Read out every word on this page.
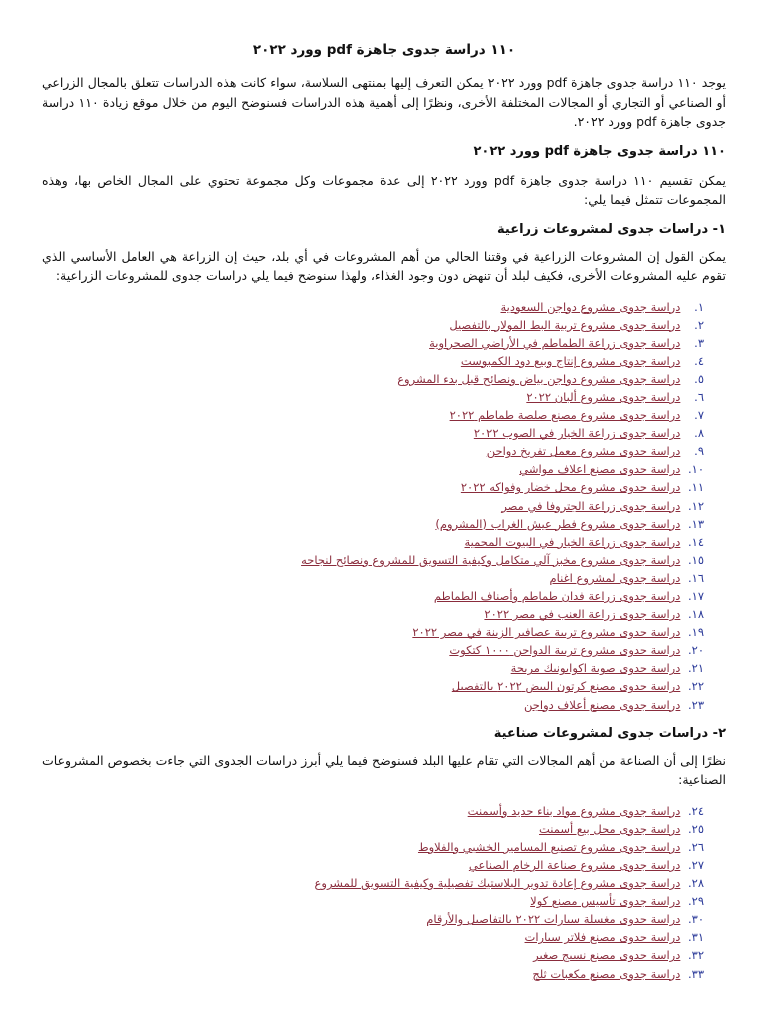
١١٠ دراسة جدوى جاهزة pdf وورد ٢٠٢٢

يوجد ١١٠ دراسة جدوى جاهزة pdf وورد ٢٠٢٢ يمكن التعرف إليها بمنتهى السلاسة، سواء كانت هذه الدراسات تتعلق بالمجال الزراعي أو الصناعي أو التجاري أو المجالات المختلفة الأخرى، ونظرًا إلى أهمية هذه الدراسات فسنوضح اليوم من خلال موقع زيادة ١١٠ دراسة جدوى جاهزة pdf وورد ٢٠٢٢.

١١٠ دراسة جدوى جاهزة pdf وورد ٢٠٢٢

يمكن تقسيم ١١٠ دراسة جدوى جاهزة pdf وورد ٢٠٢٢ إلى عدة مجموعات وكل مجموعة تحتوي على المجال الخاص بها، وهذه المجموعات تتمثل فيما يلي:

١- دراسات جدوى لمشروعات زراعية

يمكن القول إن المشروعات الزراعية في وقتنا الحالي من أهم المشروعات في أي بلد، حيث إن الزراعة هي العامل الأساسي الذي تقوم عليه المشروعات الأخرى، فكيف لبلد أن تنهض دون وجود الغذاء، ولهذا سنوضح فيما يلي دراسات جدوى للمشروعات الزراعية:

١. دراسة جدوى مشروع دواجن السعودية
٢. دراسة جدوى مشروع تربية البط المولار بالتفصيل
٣. دراسة جدوى زراعة الطماطم في الأراضي الصحراوية
٤. دراسة جدوى مشروع إنتاج وبيع دود الكمبوست
٥. دراسة جدوى مشروع دواجن بياض ونصائح قبل بدء المشروع
٦. دراسة جدوى مشروع ألبان ٢٠٢٢
٧. دراسة جدوى مشروع مصنع صلصة طماطم ٢٠٢٢
٨. دراسة جدوى زراعة الخيار في الصوب ٢٠٢٢
٩. دراسة جدوى مشروع معمل تفريخ دواجن
١٠. دراسة جدوى مصنع اعلاف مواشي
١١. دراسة جدوى مشروع محل خضار وفواكه ٢٠٢٢
١٢. دراسة جدوى زراعة الجتروفا في مصر
١٣. دراسة جدوى مشروع فطر عيش الغراب (المشروم)
١٤. دراسة جدوى زراعة الخيار في البيوت المحمية
١٥. دراسة جدوى مشروع مخبز آلي متكامل وكيفية التسويق للمشروع ونصائح لنجاحه
١٦. دراسة جدوى لمشروع اغنام
١٧. دراسة جدوى زراعة فدان طماطم وأصناف الطماطم
١٨. دراسة جدوى زراعة العنب في مصر ٢٠٢٢
١٩. دراسة جدوى مشروع تربية عصافير الزينة في مصر ٢٠٢٢
٢٠. دراسة جدوى مشروع تربية الدواجن ١٠٠٠ كتكوت
٢١. دراسة جدوى صوبة اكوابونيك مربحة
٢٢. دراسة جدوى مصنع كرتون البيض ٢٠٢٢ بالتفصيل
٢٣. دراسة جدوى مصنع أعلاف دواجن
٢- دراسات جدوى لمشروعات صناعية

نظرًا إلى أن الصناعة من أهم المجالات التي تقام عليها البلد فسنوضح فيما يلي أبرز دراسات الجدوى التي جاءت بخصوص المشروعات الصناعية:

٢٤. دراسة جدوى مشروع مواد بناء حديد وأسمنت
٢٥. دراسة جدوى محل بيع أسمنت
٢٦. دراسة جدوى مشروع تصنيع المسامير الخشبي والفلاوط
٢٧. دراسة جدوى مشروع صناعة الرخام الصناعي
٢٨. دراسة جدوى مشروع إعادة تدوير البلاستيك تفصيلية وكيفية التسويق للمشروع
٢٩. دراسة جدوى تأسيس مصنع كولا
٣٠. دراسة جدوى مغسلة سيارات ٢٠٢٢ بالتفاصيل والأرقام
٣١. دراسة جدوى مصنع فلاتر سيارات
٣٢. دراسة جدوى مصنع نسيج صغير
٣٣. دراسة جدوى مصنع مكعبات ثلج
